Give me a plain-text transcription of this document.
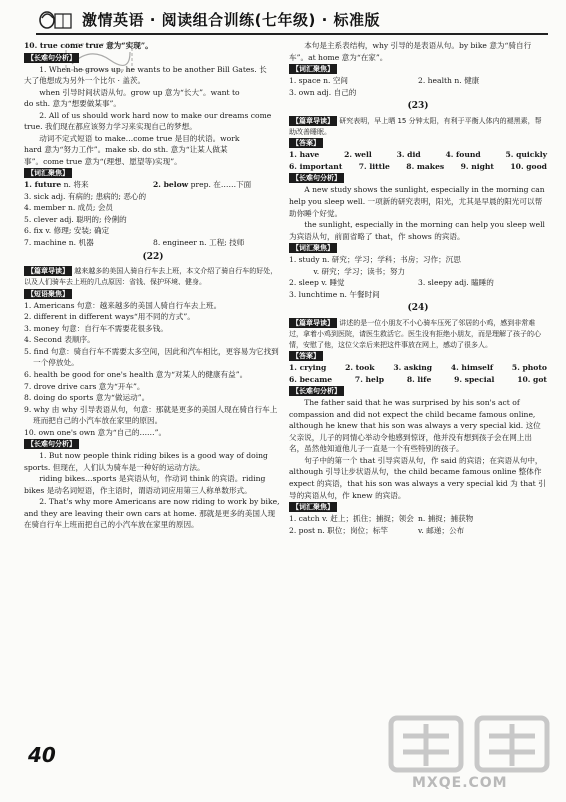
激情英语 · 阅读组合训练(七年级) · 标准版

10. true come true 意为“实现”。

【长难句分析】

1. When he grows up, he wants to be another Bill Gates. 长

大了他想成为另外一个比尔 · 盖茨。

when 引导时间状语从句。grow up 意为“长大”。want to

do sth. 意为“想要做某事”。

2. All of us should work hard now to make our dreams come

true. 我们现在都应该努力学习来实现自己的梦想。

动词不定式短语 to make…come true 是目的状语。work

hard 意为“努力工作”。make sb. do sth. 意为“让某人做某

事”。come true 意为“(理想、愿望等)实现”。

【词汇聚焦】

1. future n. 将来	2. below prep. 在……下面

3. sick adj. 有病的; 患病的; 恶心的

4. member n. 成员; 会员

5. clever adj. 聪明的; 伶俐的

6. fix v. 修理; 安装; 确定

7. machine n. 机器	8. engineer n. 工程; 技师

(22)

【篇章导读】 越来越多的美国人骑自行车去上班，本文介绍了骑自行车的好处，以及人们骑车去上班的几点原因：省钱、保护环境、健身。

【短语聚焦】

1. Americans 句意：越来越多的美国人骑自行车去上班。

2. different in different ways“用不同的方式”。

3. money 句意：自行车不需要花很多钱。

4. Second 表顺序。

5. find 句意：骑自行车不需要太多空间，因此和汽车相比，更容易为它找到一个停放处。

6. health be good for one's health 意为“对某人的健康有益”。

7. drove drive cars 意为“开车”。

8. doing do sports 意为“做运动”。

9. why 由 why 引导表语从句，句意：那就是更多的美国人现在骑自行车上班而把自己的小汽车放在家里的原因。

10. own one's own 意为“自己的……”。

【长难句分析】

1. But now people think riding bikes is a good way of doing sports. 但现在，人们认为骑车是一种好的运动方法。

riding bikes…sports 是宾语从句，作动词 think 的宾语。riding bikes 是动名词短语，作主语时，谓语动词应用第三人称单数形式。

2. That's why more Americans are now riding to work by bike, and they are leaving their own cars at home. 那就是更多的美国人现在骑自行车上班而把自己的小汽车放在家里的原因。

本句是主系表结构，why 引导的是表语从句。by bike 意为“骑自行车”。at home 意为“在家”。

【词汇聚焦】

1. space n. 空间	2. health n. 健康

3. own adj. 自己的

(23)

【篇章导读】 研究表明，早上晒 15 分钟太阳，有利于平衡人体内的褪黑素，帮助改善睡眠。

【答案】
1. have	2. well	3. did	4. found	5. quickly
6. important 7. little 8. makes 9. night 10. good
【长难句分析】

A new study shows the sunlight, especially in the morning can help you sleep well. 一项新的研究表明，阳光，尤其是早晨的阳光可以帮助你睡个好觉。

the sunlight, especially in the morning can help you sleep well 为宾语从句，前面省略了 that，作 shows 的宾语。

【词汇聚焦】

1. study n. 研究；学习；学科；书房；习作；沉思

v. 研究；学习；读书；努力

2. sleep v. 睡觉	3. sleepy adj. 瞌睡的

3. lunchtime n. 午餐时间

(24)

【篇章导读】 讲述的是一位小朋友不小心骑车压死了邻居的小鸡，感到非常难过，拿着小鸡到医院，请医生救活它。医生没有拒绝小朋友，而是理解了孩子的心情，安慰了他，这位父亲后来把这件事放在网上，感动了很多人。

【答案】
1. crying 2. took 3. asking 4. himself 5. photo
6. became	7. help	8. life	9. special	10. got
【长难句分析】

The father said that he was surprised by his son's act of compassion and did not expect the child became famous online, although he knew that his son was always a very special kid. 这位父亲说，儿子的同情心举动令他感到惊讶，他并没有想到孩子会在网上出名，虽然他知道他儿子一直是一个有些特别的孩子。

句子中的第一个 that 引导宾语从句，作 said 的宾语；在宾语从句中，although 引导让步状语从句，the child became famous online 整体作 expect 的宾语，that his son was always a very special kid 为 that 引导的宾语从句，作 knew 的宾语。

【词汇聚焦】

1. catch v. 赶上；抓住；捕捉；领会 n. 捕捉；捕获物

2. post n. 职位；岗位；标竿	v. 邮递；公布

40
MXQE.COM
